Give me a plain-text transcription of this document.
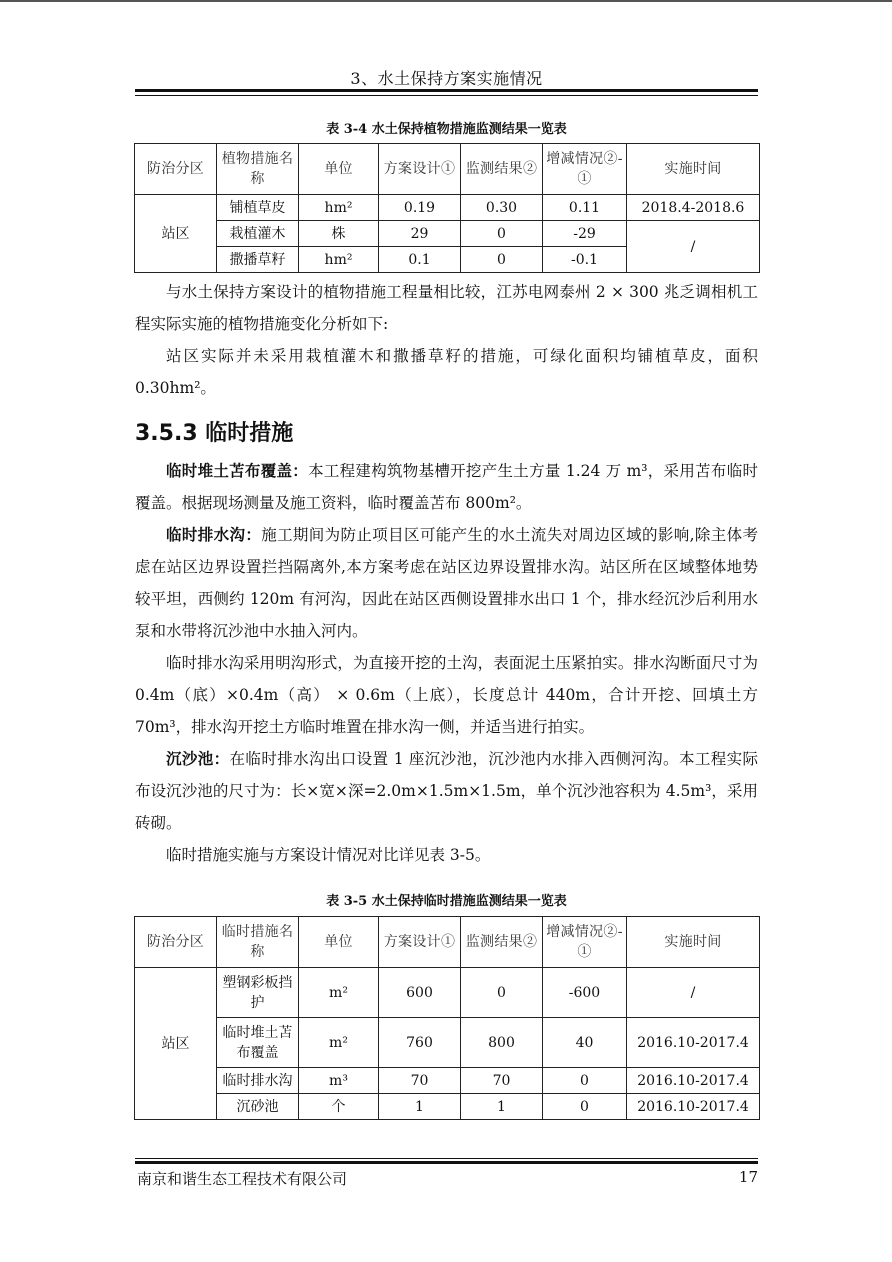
3、水土保持方案实施情况
表 3-4 水土保持植物措施监测结果一览表
防治分区	植物措施名称	单位	方案设计①	监测结果②	增减情况②-①	实施时间
站区	铺植草皮	hm²	0.19	0.30	0.11	2018.4-2018.6
	栽植灌木	株	29	0	-29	/
	撒播草籽	hm²	0.1	0	-0.1	

与水土保持方案设计的植物措施工程量相比较，江苏电网泰州 2 × 300 兆乏调相机工程实际实施的植物措施变化分析如下:

站区实际并未采用栽植灌木和撒播草籽的措施，可绿化面积均铺植草皮，面积 0.30hm²。

3.5.3 临时措施

临时堆土苫布覆盖：本工程建构筑物基槽开挖产生土方量 1.24 万 m³，采用苫布临时覆盖。根据现场测量及施工资料，临时覆盖苫布 800m²。

临时排水沟：施工期间为防止项目区可能产生的水土流失对周边区域的影响,除主体考虑在站区边界设置拦挡隔离外,本方案考虑在站区边界设置排水沟。站区所在区域整体地势较平坦，西侧约 120m 有河沟，因此在站区西侧设置排水出口 1 个，排水经沉沙后利用水泵和水带将沉沙池中水抽入河内。

临时排水沟采用明沟形式，为直接开挖的土沟，表面泥土压紧拍实。排水沟断面尺寸为 0.4m（底）×0.4m（高） × 0.6m（上底），长度总计 440m，合计开挖、回填土方 70m³，排水沟开挖土方临时堆置在排水沟一侧，并适当进行拍实。

沉沙池：在临时排水沟出口设置 1 座沉沙池，沉沙池内水排入西侧河沟。本工程实际布设沉沙池的尺寸为：长×宽×深=2.0m×1.5m×1.5m，单个沉沙池容积为 4.5m³，采用砖砌。

临时措施实施与方案设计情况对比详见表 3-5。

表 3-5 水土保持临时措施监测结果一览表
防治分区	临时措施名称	单位	方案设计①	监测结果②	增减情况②-①	实施时间
站区	塑钢彩板挡护	m²	600	0	-600	/
	临时堆土苫布覆盖	m²	760	800	40	2016.10-2017.4
	临时排水沟	m³	70	70	0	2016.10-2017.4
	沉砂池	个	1	1	0	2016.10-2017.4
南京和谐生态工程技术有限公司	17
